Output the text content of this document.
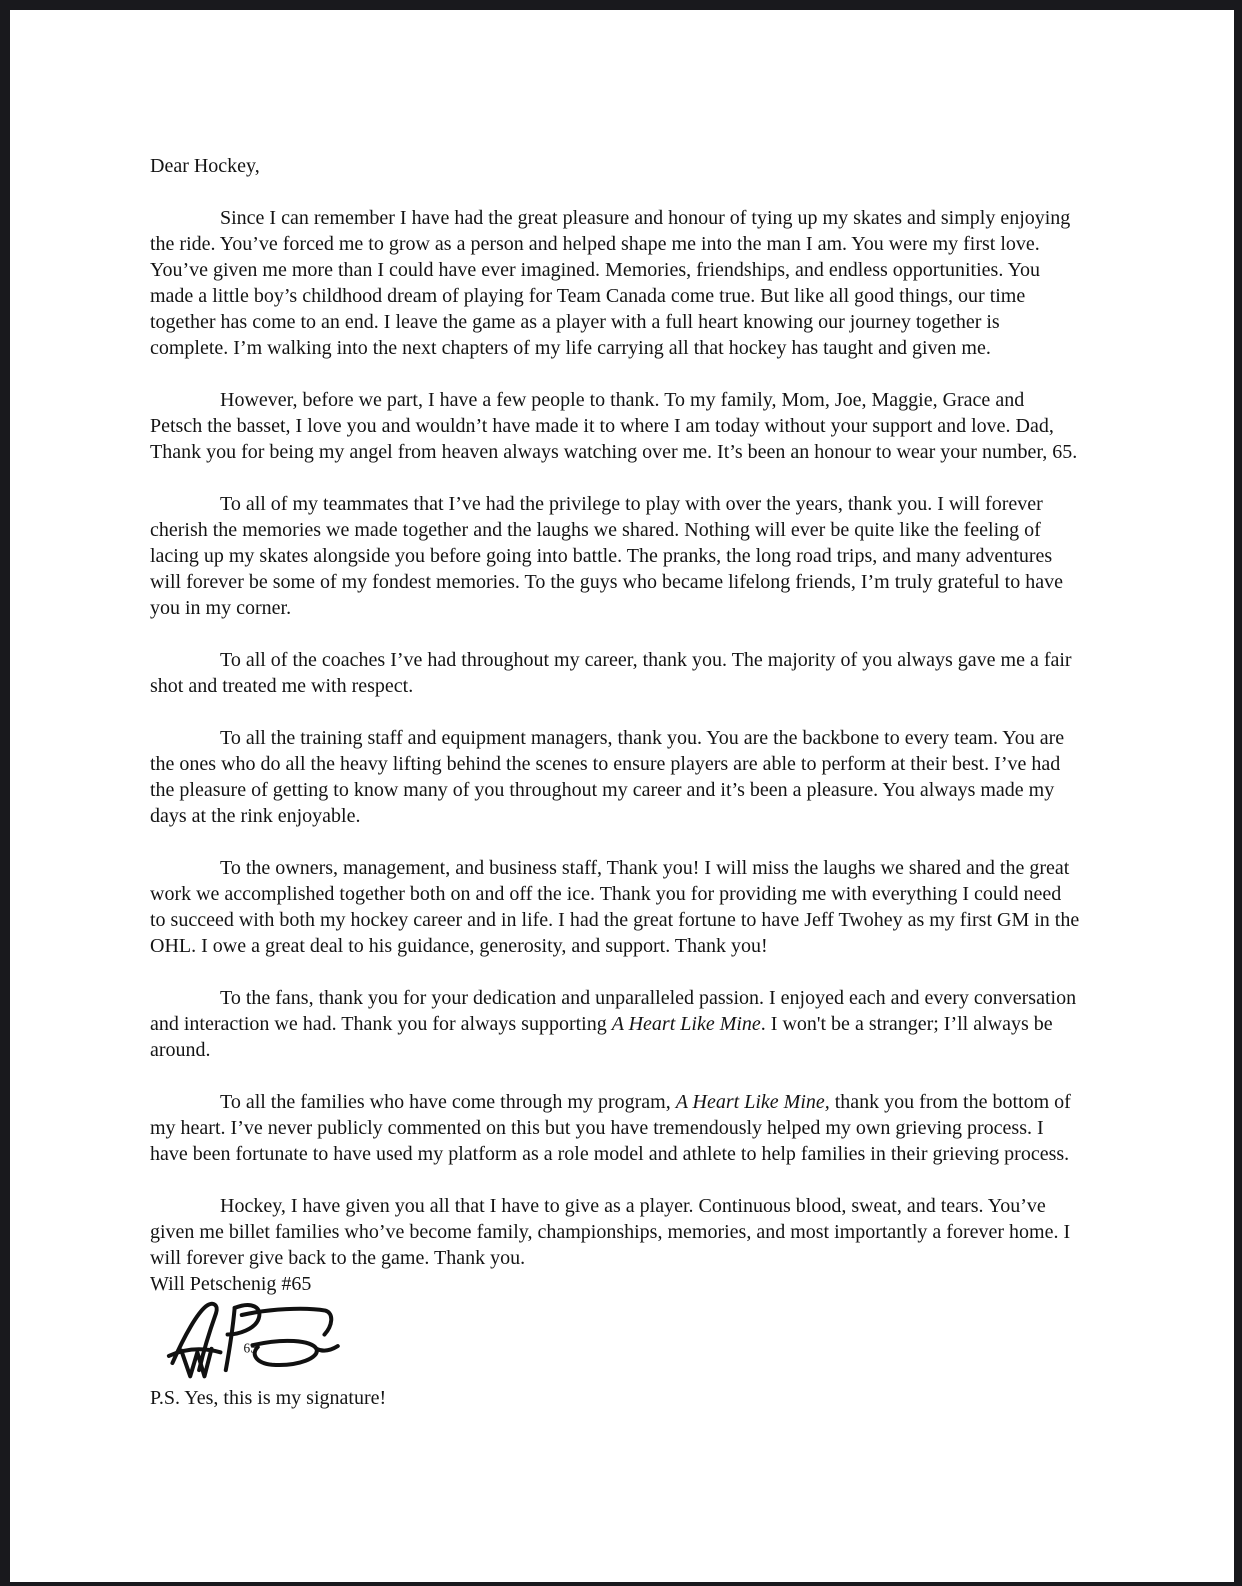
Dear Hockey,

Since I can remember I have had the great pleasure and honour of tying up my skates and simply enjoying the ride. You’ve forced me to grow as a person and helped shape me into the man I am. You were my first love. You’ve given me more than I could have ever imagined. Memories, friendships, and endless opportunities. You made a little boy’s childhood dream of playing for Team Canada come true. But like all good things, our time together has come to an end. I leave the game as a player with a full heart knowing our journey together is complete. I’m walking into the next chapters of my life carrying all that hockey has taught and given me.

However, before we part, I have a few people to thank. To my family, Mom, Joe, Maggie, Grace and Petsch the basset, I love you and wouldn’t have made it to where I am today without your support and love. Dad, Thank you for being my angel from heaven always watching over me. It’s been an honour to wear your number, 65.

To all of my teammates that I’ve had the privilege to play with over the years, thank you. I will forever cherish the memories we made together and the laughs we shared. Nothing will ever be quite like the feeling of lacing up my skates alongside you before going into battle. The pranks, the long road trips, and many adventures will forever be some of my fondest memories. To the guys who became lifelong friends, I’m truly grateful to have you in my corner.

To all of the coaches I’ve had throughout my career, thank you. The majority of you always gave me a fair shot and treated me with respect.

To all the training staff and equipment managers, thank you. You are the backbone to every team. You are the ones who do all the heavy lifting behind the scenes to ensure players are able to perform at their best. I’ve had the pleasure of getting to know many of you throughout my career and it’s been a pleasure. You always made my days at the rink enjoyable.

To the owners, management, and business staff, Thank you! I will miss the laughs we shared and the great work we accomplished together both on and off the ice. Thank you for providing me with everything I could need to succeed with both my hockey career and in life. I had the great fortune to have Jeff Twohey as my first GM in the OHL. I owe a great deal to his guidance, generosity, and support. Thank you!

To the fans, thank you for your dedication and unparalleled passion. I enjoyed each and every conversation and interaction we had. Thank you for always supporting A Heart Like Mine. I won't be a stranger; I’ll always be around.

To all the families who have come through my program, A Heart Like Mine, thank you from the bottom of my heart. I’ve never publicly commented on this but you have tremendously helped my own grieving process. I have been fortunate to have used my platform as a role model and athlete to help families in their grieving process.

Hockey, I have given you all that I have to give as a player. Continuous blood, sweat, and tears. You’ve given me billet families who’ve become family, championships, memories, and most importantly a forever home. I will forever give back to the game. Thank you.

Will Petschenig #65

65

P.S. Yes, this is my signature!
